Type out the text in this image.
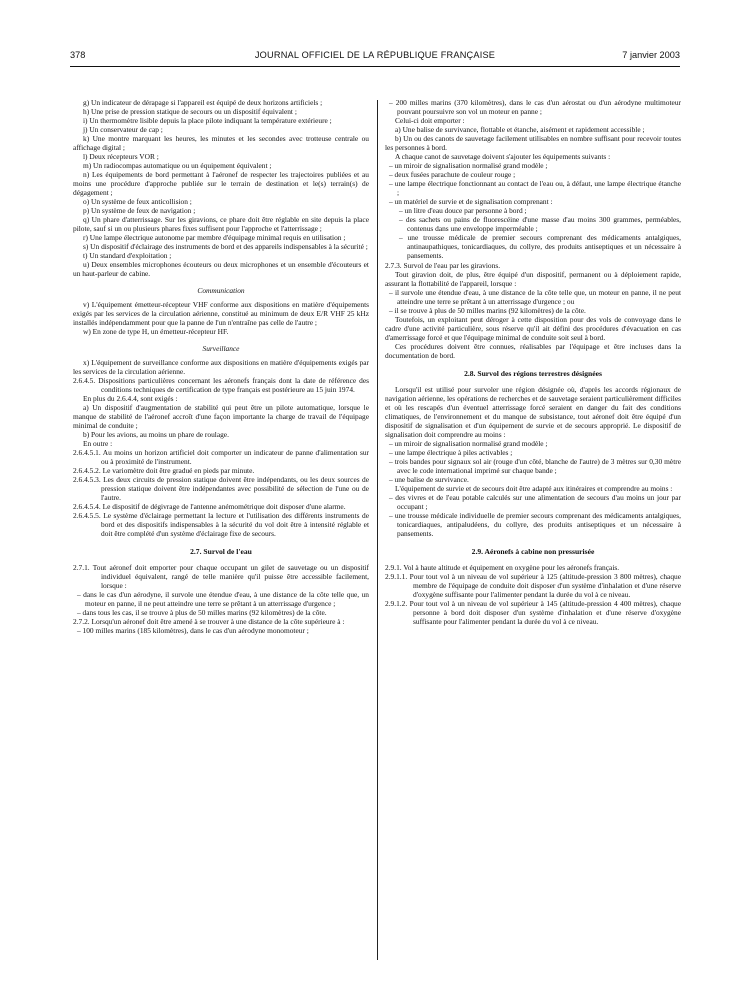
378	JOURNAL OFFICIEL DE LA RÉPUBLIQUE FRANÇAISE	7 janvier 2003

g) Un indicateur de dérapage si l'appareil est équipé de deux horizons artificiels ;

h) Une prise de pression statique de secours ou un dispositif équivalent ;

i) Un thermomètre lisible depuis la place pilote indiquant la température extérieure ;

j) Un conservateur de cap ;

k) Une montre marquant les heures, les minutes et les secondes avec trotteuse centrale ou affichage digital ;

l) Deux récepteurs VOR ;

m) Un radiocompas automatique ou un équipement équivalent ;

n) Les équipements de bord permettant à l'aéronef de respecter les trajectoires publiées et au moins une procédure d'approche publiée sur le terrain de destination et le(s) terrain(s) de dégagement ;

o) Un système de feux anticollision ;

p) Un système de feux de navigation ;

q) Un phare d'atterrissage. Sur les giravions, ce phare doit être réglable en site depuis la place pilote, sauf si un ou plusieurs phares fixes suffisent pour l'approche et l'atterrissage ;

r) Une lampe électrique autonome par membre d'équipage minimal requis en utilisation ;

s) Un dispositif d'éclairage des instruments de bord et des appareils indispensables à la sécurité ;

t) Un standard d'exploitation ;

u) Deux ensembles microphones écouteurs ou deux microphones et un ensemble d'écouteurs et un haut-parleur de cabine.

Communication

v) L'équipement émetteur-récepteur VHF conforme aux dispositions en matière d'équipements exigés par les services de la circulation aérienne, constitué au minimum de deux E/R VHF 25 kHz installés indépendamment pour que la panne de l'un n'entraîne pas celle de l'autre ;

w) En zone de type H, un émetteur-récepteur HF.

Surveillance

x) L'équipement de surveillance conforme aux dispositions en matière d'équipements exigés par les services de la circulation aérienne.

2.6.4.5. Dispositions particulières concernant les aéronefs français dont la date de référence des conditions techniques de certification de type français est postérieure au 15 juin 1974.

En plus du 2.6.4.4, sont exigés :

a) Un dispositif d'augmentation de stabilité qui peut être un pilote automatique, lorsque le manque de stabilité de l'aéronef accroît d'une façon importante la charge de travail de l'équipage minimal de conduite ;

b) Pour les avions, au moins un phare de roulage.

En outre :

2.6.4.5.1. Au moins un horizon artificiel doit comporter un indicateur de panne d'alimentation sur ou à proximité de l'instrument.

2.6.4.5.2. Le variomètre doit être gradué en pieds par minute.

2.6.4.5.3. Les deux circuits de pression statique doivent être indépendants, ou les deux sources de pression statique doivent être indépendantes avec possibilité de sélection de l'une ou de l'autre.

2.6.4.5.4. Le dispositif de dégivrage de l'antenne anémométrique doit disposer d'une alarme.

2.6.4.5.5. Le système d'éclairage permettant la lecture et l'utilisation des différents instruments de bord et des dispositifs indispensables à la sécurité du vol doit être à intensité réglable et doit être complété d'un système d'éclairage fixe de secours.

2.7. Survol de l'eau

2.7.1. Tout aéronef doit emporter pour chaque occupant un gilet de sauvetage ou un dispositif individuel équivalent, rangé de telle manière qu'il puisse être accessible facilement, lorsque :

– dans le cas d'un aérodyne, il survole une étendue d'eau, à une distance de la côte telle que, un moteur en panne, il ne peut atteindre une terre se prêtant à un atterrissage d'urgence ;

– dans tous les cas, il se trouve à plus de 50 milles marins (92 kilomètres) de la côte.

2.7.2. Lorsqu'un aéronef doit être amené à se trouver à une distance de la côte supérieure à :

– 100 milles marins (185 kilomètres), dans le cas d'un aérodyne monomoteur ;

– 200 milles marins (370 kilomètres), dans le cas d'un aérostat ou d'un aérodyne multimoteur pouvant poursuivre son vol un moteur en panne ;

Celui-ci doit emporter :

a) Une balise de survivance, flottable et étanche, aisément et rapidement accessible ;

b) Un ou des canots de sauvetage facilement utilisables en nombre suffisant pour recevoir toutes les personnes à bord.

A chaque canot de sauvetage doivent s'ajouter les équipements suivants :

– un miroir de signalisation normalisé grand modèle ;

– deux fusées parachute de couleur rouge ;

– une lampe électrique fonctionnant au contact de l'eau ou, à défaut, une lampe électrique étanche ;

– un matériel de survie et de signalisation comprenant :

– un litre d'eau douce par personne à bord ;

– des sachets ou pains de fluorescéine d'une masse d'au moins 300 grammes, perméables, contenus dans une enveloppe imperméable ;

– une trousse médicale de premier secours comprenant des médicaments antalgiques, antinaupathiques, tonicardiaques, du collyre, des produits antiseptiques et un nécessaire à pansements.

2.7.3. Survol de l'eau par les giravions.

Tout giravion doit, de plus, être équipé d'un dispositif, permanent ou à déploiement rapide, assurant la flottabilité de l'appareil, lorsque :

– il survole une étendue d'eau, à une distance de la côte telle que, un moteur en panne, il ne peut atteindre une terre se prêtant à un atterrissage d'urgence ; ou

– il se trouve à plus de 50 milles marins (92 kilomètres) de la côte.

Toutefois, un exploitant peut déroger à cette disposition pour des vols de convoyage dans le cadre d'une activité particulière, sous réserve qu'il ait défini des procédures d'évacuation en cas d'amerrissage forcé et que l'équipage minimal de conduite soit seul à bord.

Ces procédures doivent être connues, réalisables par l'équipage et être incluses dans la documentation de bord.

2.8. Survol des régions terrestres désignées

Lorsqu'il est utilisé pour survoler une région désignée où, d'après les accords régionaux de navigation aérienne, les opérations de recherches et de sauvetage seraient particulièrement difficiles et où les rescapés d'un éventuel atterrissage forcé seraient en danger du fait des conditions climatiques, de l'environnement et du manque de subsistance, tout aéronef doit être équipé d'un dispositif de signalisation et d'un équipement de survie et de secours approprié. Le dispositif de signalisation doit comprendre au moins :

– un miroir de signalisation normalisé grand modèle ;

– une lampe électrique à piles activables ;

– trois bandes pour signaux sol air (rouge d'un côté, blanche de l'autre) de 3 mètres sur 0,30 mètre avec le code international imprimé sur chaque bande ;

– une balise de survivance.

L'équipement de survie et de secours doit être adapté aux itinéraires et comprendre au moins :

– des vivres et de l'eau potable calculés sur une alimentation de secours d'au moins un jour par occupant ;

– une trousse médicale individuelle de premier secours comprenant des médicaments antalgiques, tonicardiaques, antipaludéens, du collyre, des produits antiseptiques et un nécessaire à pansements.

2.9. Aéronefs à cabine non pressurisée

2.9.1. Vol à haute altitude et équipement en oxygène pour les aéronefs français.

2.9.1.1. Pour tout vol à un niveau de vol supérieur à 125 (altitude-pression 3 800 mètres), chaque membre de l'équipage de conduite doit disposer d'un système d'inhalation et d'une réserve d'oxygène suffisante pour l'alimenter pendant la durée du vol à ce niveau.

2.9.1.2. Pour tout vol à un niveau de vol supérieur à 145 (altitude-pression 4 400 mètres), chaque personne à bord doit disposer d'un système d'inhalation et d'une réserve d'oxygène suffisante pour l'alimenter pendant la durée du vol à ce niveau.
